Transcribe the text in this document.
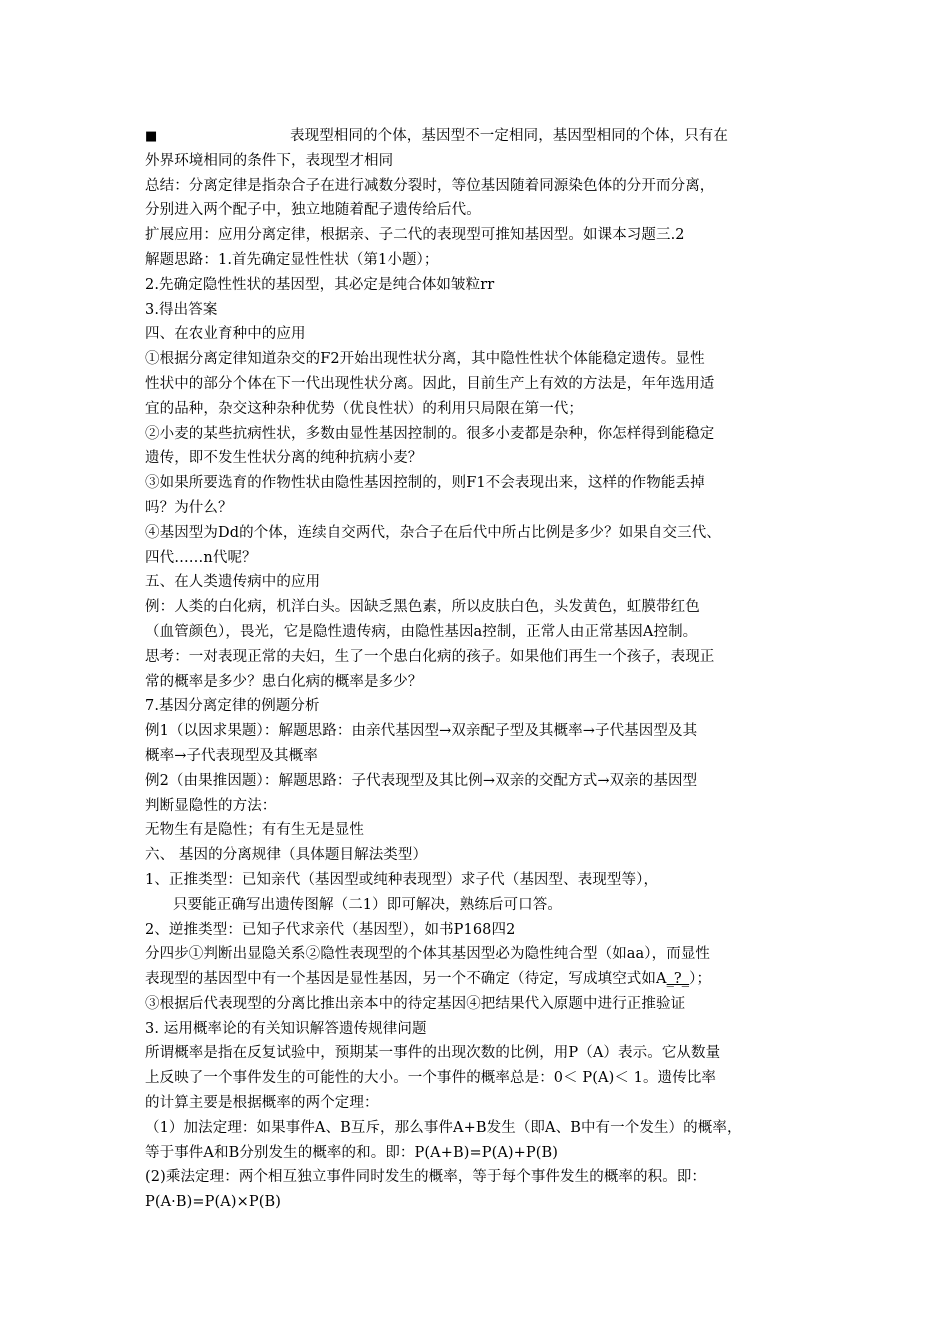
■	表现型相同的个体，基因型不一定相同，基因型相同的个体，只有在
外界环境相同的条件下，表现型才相同
总结：分离定律是指杂合子在进行减数分裂时，等位基因随着同源染色体的分开而分离，
分别进入两个配子中，独立地随着配子遗传给后代。
扩展应用：应用分离定律，根据亲、子二代的表现型可推知基因型。如课本习题三.2
解题思路：1.首先确定显性性状（第1小题）；
2.先确定隐性性状的基因型，其必定是纯合体如皱粒rr
3.得出答案
四、在农业育种中的应用
①根据分离定律知道杂交的F2开始出现性状分离，其中隐性性状个体能稳定遗传。显性
性状中的部分个体在下一代出现性状分离。因此，目前生产上有效的方法是，年年选用适
宜的品种，杂交这种杂种优势（优良性状）的利用只局限在第一代；
②小麦的某些抗病性状，多数由显性基因控制的。很多小麦都是杂种，你怎样得到能稳定
遗传，即不发生性状分离的纯种抗病小麦？
③如果所要选育的作物性状由隐性基因控制的，则F1不会表现出来，这样的作物能丢掉
吗？为什么？
④基因型为Dd的个体，连续自交两代，杂合子在后代中所占比例是多少？如果自交三代、
四代……n代呢？
五、在人类遗传病中的应用
例：人类的白化病，机洋白头。因缺乏黑色素，所以皮肤白色，头发黄色，虹膜带红色
（血管颜色），畏光，它是隐性遗传病，由隐性基因a控制，正常人由正常基因A控制。
思考：一对表现正常的夫妇，生了一个患白化病的孩子。如果他们再生一个孩子，表现正
常的概率是多少？患白化病的概率是多少？
7.基因分离定律的例题分析
例1（以因求果题）：解题思路：由亲代基因型→双亲配子型及其概率→子代基因型及其
概率→子代表现型及其概率
例2（由果推因题）：解题思路：子代表现型及其比例→双亲的交配方式→双亲的基因型
判断显隐性的方法：
无物生有是隐性；有有生无是显性
六、 基因的分离规律（具体题目解法类型）
1、正推类型：已知亲代（基因型或纯种表现型）求子代（基因型、表现型等），
只要能正确写出遗传图解（二1）即可解决，熟练后可口答。
2、逆推类型：已知子代求亲代（基因型），如书P168四2
分四步①判断出显隐关系②隐性表现型的个体其基因型必为隐性纯合型（如aa），而显性
表现型的基因型中有一个基因是显性基因，另一个不确定（待定，写成填空式如A_?_）；
③根据后代表现型的分离比推出亲本中的待定基因④把结果代入原题中进行正推验证
3. 运用概率论的有关知识解答遗传规律问题
所谓概率是指在反复试验中，预期某一事件的出现次数的比例，用P（A）表示。它从数量
上反映了一个事件发生的可能性的大小。一个事件的概率总是：0＜ P(A)＜ 1。遗传比率
的计算主要是根据概率的两个定理：
（1）加法定理：如果事件A、B互斥，那么事件A+B发生（即A、B中有一个发生）的概率，
等于事件A和B分别发生的概率的和。即：P(A+B)=P(A)+P(B)
(2)乘法定理：两个相互独立事件同时发生的概率，等于每个事件发生的概率的积。即：
P(A·B)=P(A)×P(B)
